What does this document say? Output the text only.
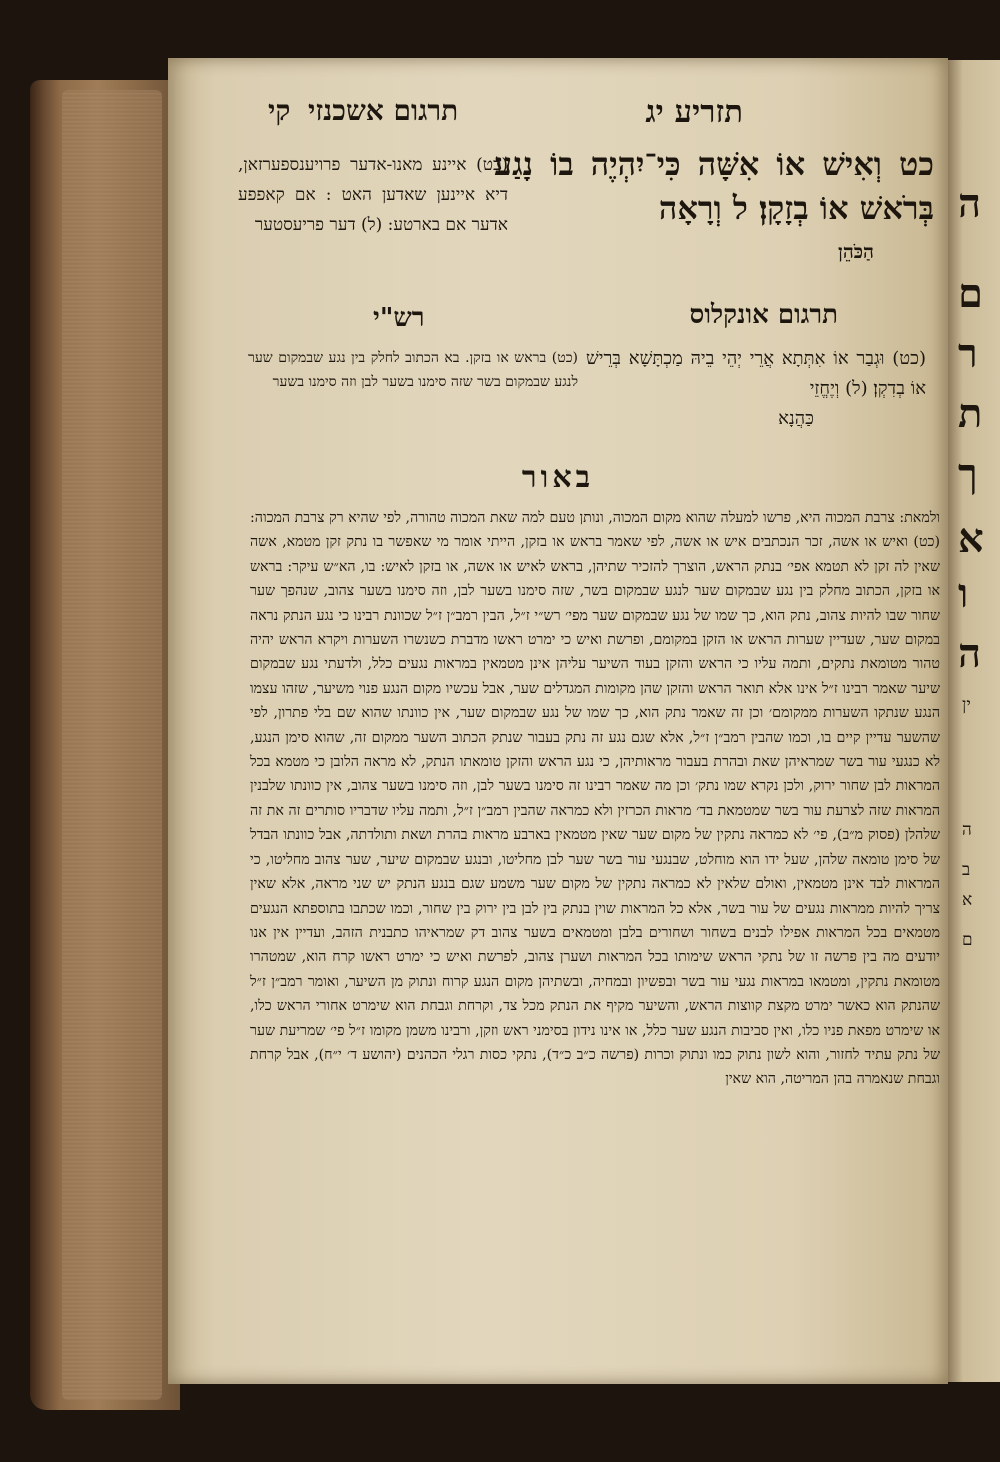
ה
ם
ר
ת
ך
א
ו
ה
ין
ה
ב
א
ם
תזריע יג
תרגום אשכנזי
קי
כט וְאִישׁ אוֹ אִשָּׁה כִּי־יִהְיֶה בוֹ נָגַע בְּרֹאשׁ אוֹ בְזָקָן׃ ל וְרָאָה
הַכֹּהֵן
(כט) איינע מאנו-אדער פרויענספערזאן, דיא איינען שאדען האט : אם קאפפע אדער אם בארטע: (ל) דער פריעסטער
תרגום אונקלוס
רש"י
(כט) וּגְבַר אוֹ אִתְּתָא אֲרֵי יְהֵי בֵיהּ מַכְתָּשָׁא בְּרֵישׁ אוֹ בְדִקְן׃ (ל) וְיֶחֱזֵי
כַּהֲנָא
(כט) בראש או בזקן. בא הכתוב לחלק בין נגע שבמקום שער לנגע שבמקום בשר שזה סימנו בשער לבן וזה סימנו בשער
באור

ולמאת: צרבת המכוה היא, פרשו למעלה שהוא מקום המכוה, ונותן טעם למה שאת המכוה טהורה, לפי שהיא רק צרבת המכוה: (כט) ואיש או אשה, זכר הנכתבים איש או אשה, לפי שאמר בראש או בזקן, הייתי אומר מי שאפשר בו נתק זקן מטמא, אשה שאין לה זקן לא תטמא אפי׳ בנתק הראש, הוצרך להזכיר שתיהן, בראש לאיש או אשה, או בזקן לאיש: בו, הא״ש עיקר: בראש או בזקן, הכתוב מחלק בין נגע שבמקום שער לנגע שבמקום בשר, שזה סימנו בשער לבן, וזה סימנו בשער צהוב, שנהפך שער שחור שבו להיות צהוב, נתק הוא, כך שמו של נגע שבמקום שער מפי׳ רש״י ז״ל, הבין רמב״ן ז״ל שכוונת רבינו כי נגע הנתק נראה במקום שער, שעדיין שערות הראש או הזקן במקומם, ופרשת ואיש כי ימרט ראשו מדברת כשנשרו השערות ויקרא הראש יהיה טהור מטומאת נתקים, ותמה עליו כי הראש והזקן בעוד השיער עליהן אינן מטמאין במראות נגעים כלל, ולדעתי נגע שבמקום שיער שאמר רבינו ז״ל אינו אלא תואר הראש והזקן שהן מקומות המגדלים שער, אבל עכשיו מקום הנגע פנוי משיער, שזהו עצמו הנגע שנתקו השערות ממקומם׳ וכן זה שאמר נתק הוא, כך שמו של נגע שבמקום שער, אין כוונתו שהוא שם בלי פתרון, לפי שהשער עדיין קיים בו, וכמו שהבין רמב״ן ז״ל, אלא שגם נגע זה נתק בעבור שנתק הכתוב השער ממקום זה, שהוא סימן הנגע, לא כנגעי עור בשר שמראיהן שאת ובהרת בעבור מראותיהן, כי נגע הראש והזקן טומאתו הנתק, לא מראה הלובן כי מטמא בכל המראות לבן שחור ירוק, ולכן נקרא שמו נתק׳ וכן מה שאמר רבינו זה סימנו בשער לבן, וזה סימנו בשער צהוב, אין כוונתו שלבנין המראות שזה לצרעת עור בשר שמטמאת בד׳ מראות הכרזין ולא כמראה שהבין רמב״ן ז״ל, ותמה עליו שדבריו סותרים זה את זה שלהלן (פסוק מ״ב), פי׳ לא כמראה נתקין של מקום שער שאין מטמאין בארבע מראות בהרת ושאת ותולדתה, אבל כוונתו הבדל של סימן טומאה שלהן, שעל ידו הוא מוחלט, שבנגעי עור בשר שער לבן מחליטו, ובנגע שבמקום שיער, שער צהוב מחליטו, כי המראות לבד אינן מטמאין, ואולם שלאין לא כמראה נתקין של מקום שער משמע שגם בנגע הנתק יש שני מראה, אלא שאין צריך להיות ממראות נגעים של עור בשר, אלא כל המראות שוין בנתק בין לבן בין ירוק בין שחור, וכמו שכתבו בתוספתא הנגעים מטמאים בכל המראות אפילו לבנים בשחור ושחורים בלבן ומטמאים בשער צהוב דק שמראיהו כתבנית הזהב, ועדיין אין אנו יודעים מה בין פרשה זו של נתקי הראש שימותו בכל המראות ושערן צהוב, לפרשת ואיש כי ימרט ראשו קרח הוא, שמטהרו מטומאת נתקין, ומטמאו במראות נגעי עור בשר ובפשיון ובמחיה, ובשתיהן מקום הנגע קרוח ונתוק מן השיער, ואומר רמב״ן ז״ל שהנתק הוא כאשר ימרט מקצת קווצות הראש, והשיער מקיף את הנתק מכל צד, וקרחת וגבחת הוא שימרט אחורי הראש כלו, או שימרט מפאת פניו כלו, ואין סביבות הנגע שער כלל, או אינו נידון בסימני ראש וזקן, ורבינו משמן מקומו ז״ל פי׳ שמריעת שער של נתק עתיד לחזור, והוא לשון נתוק כמו ונתוק וכרות (פרשה כ״ב כ״ד), נתקי כסות רגלי הכהנים (יהושע ד׳ י״ח), אבל קרחת וגבחת שנאמרה בהן המריטה, הוא שאין
